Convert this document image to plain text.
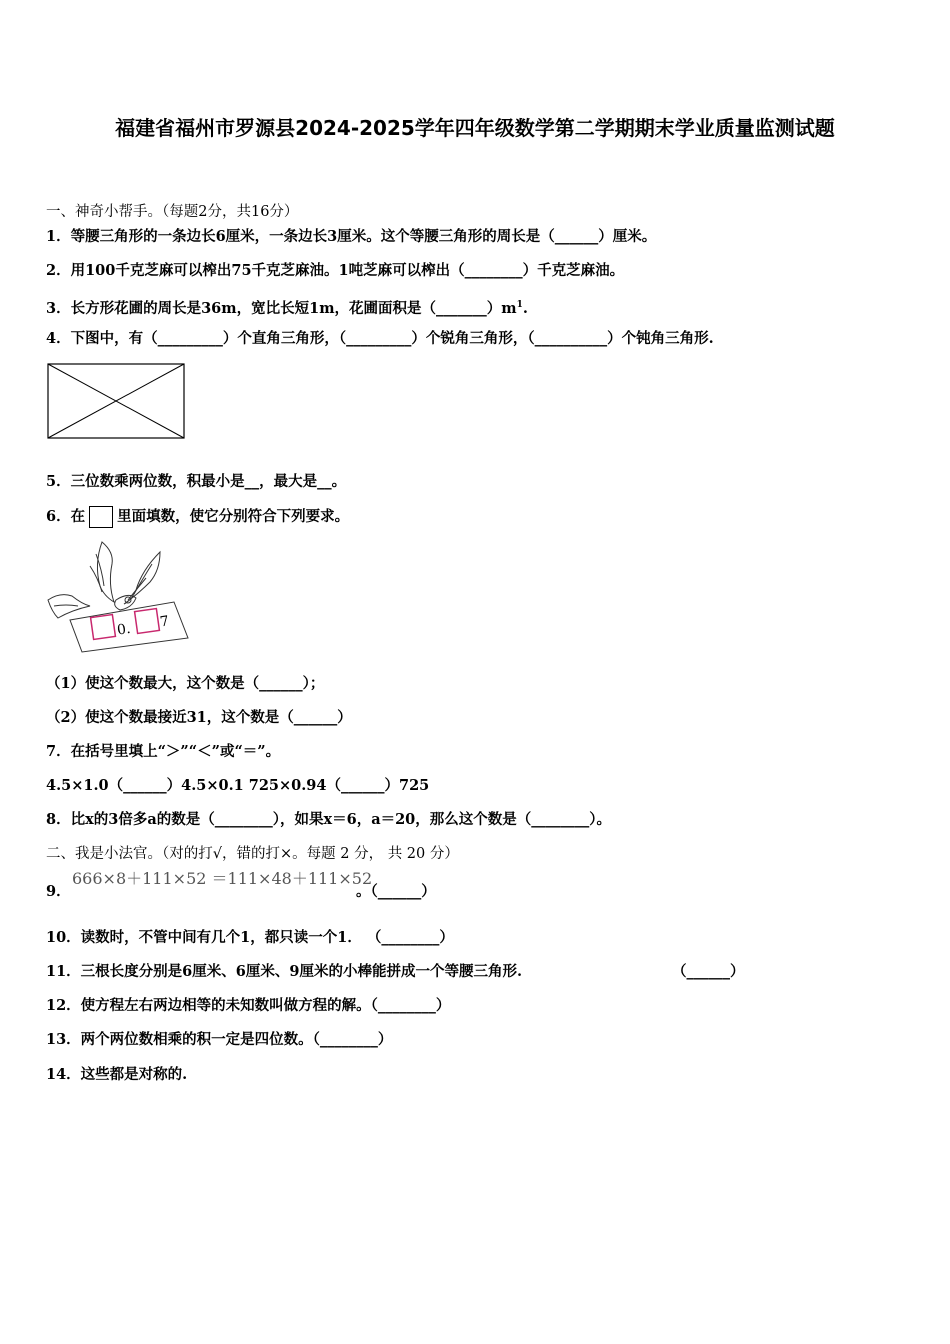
福建省福州市罗源县2024-2025学年四年级数学第二学期期末学业质量监测试题
一、神奇小帮手。（每题2分，共16分）
1．等腰三角形的一条边长6厘米，一条边长3厘米。这个等腰三角形的周长是（______）厘米。
2．用100千克芝麻可以榨出75千克芝麻油。1吨芝麻可以榨出（________）千克芝麻油。
3．长方形花圃的周长是36m，宽比长短1m，花圃面积是$(\_\_\_\_\_\_\_)m^1$.
4．下图中，有（_________）个直角三角形，（_________）个锐角三角形，（__________）个钝角三角形.
5．三位数乘两位数，积最小是__，最大是__。
6．在 里面填数，使它分别符合下列要求。
0. 7
（1）使这个数最大，这个数是（______）；
（2）使这个数最接近31，这个数是（______）
7．在括号里填上“＞”“＜”或“＝”。
4.5×1.0（______）4.5×0.1 725×0.94（______）725
8．比x的3倍多a的数是（________），如果x＝6，a＝20，那么这个数是（________）。
二、我是小法官。（对的打√，错的打×。每题 2 分， 共 20 分）
9．
666×8＋111×52 ＝111×48＋111×52
。（______）
10．读数时，不管中间有几个1，都只读一个1． （________）
11．三根长度分别是6厘米、6厘米、9厘米的小棒能拼成一个等腰三角形.	（______）
12．使方程左右两边相等的未知数叫做方程的解。（________）
13．两个两位数相乘的积一定是四位数。（________）
14．这些都是对称的.
